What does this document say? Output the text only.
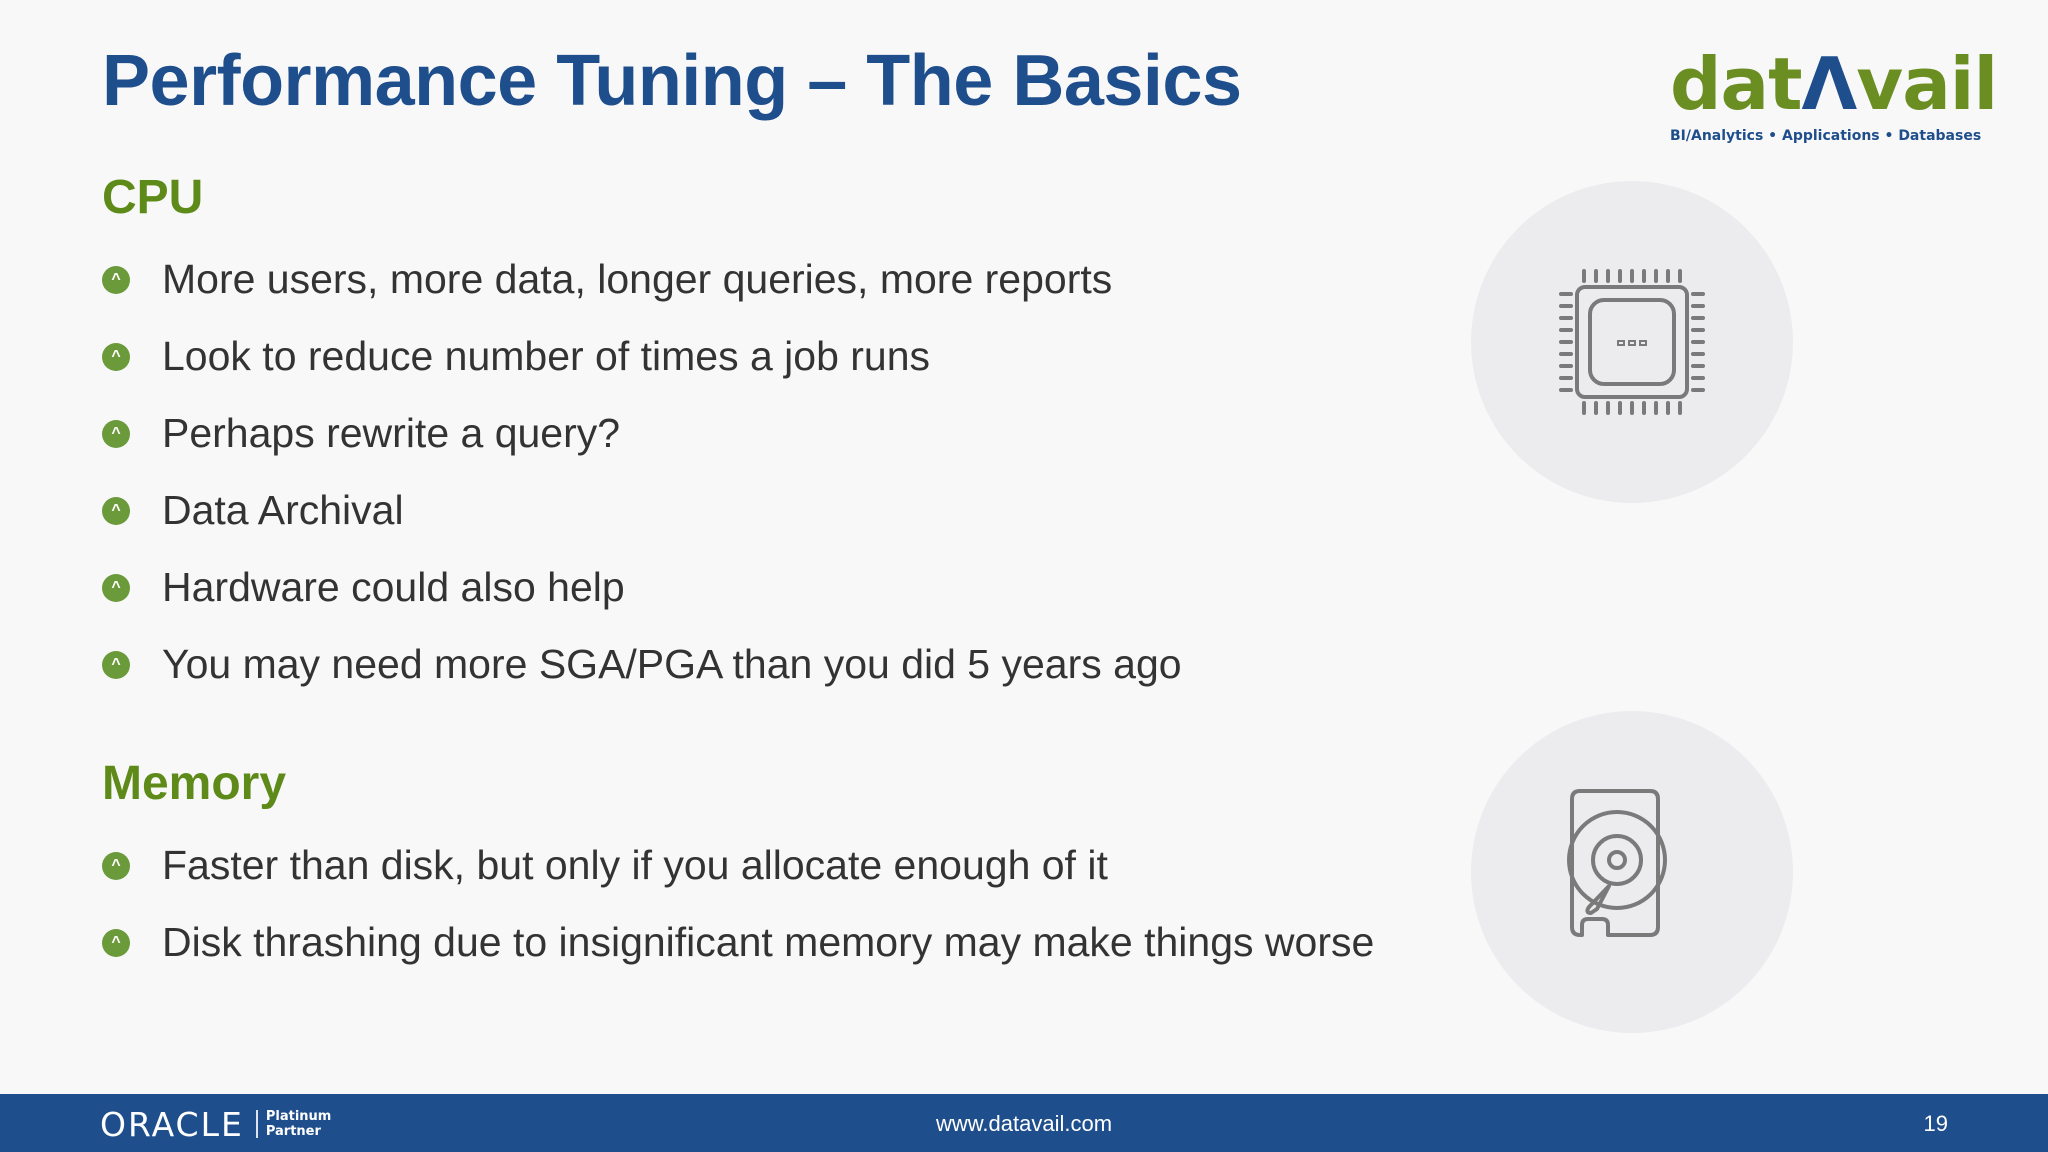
Performance Tuning – The Basics	datΛvail
BI/Analytics • Applications • Databases
CPU
^ More users, more data, longer queries, more reports
^ Look to reduce number of times a job runs
^ Perhaps rewrite a query?
^ Data Archival
^ Hardware could also help
^ You may need more SGA/PGA than you did 5 years ago
Memory
^ Faster than disk, but only if you allocate enough of it
^ Disk thrashing due to insignificant memory may make things worse
ORACLE Platinum
Partner	www.datavail.com	19
